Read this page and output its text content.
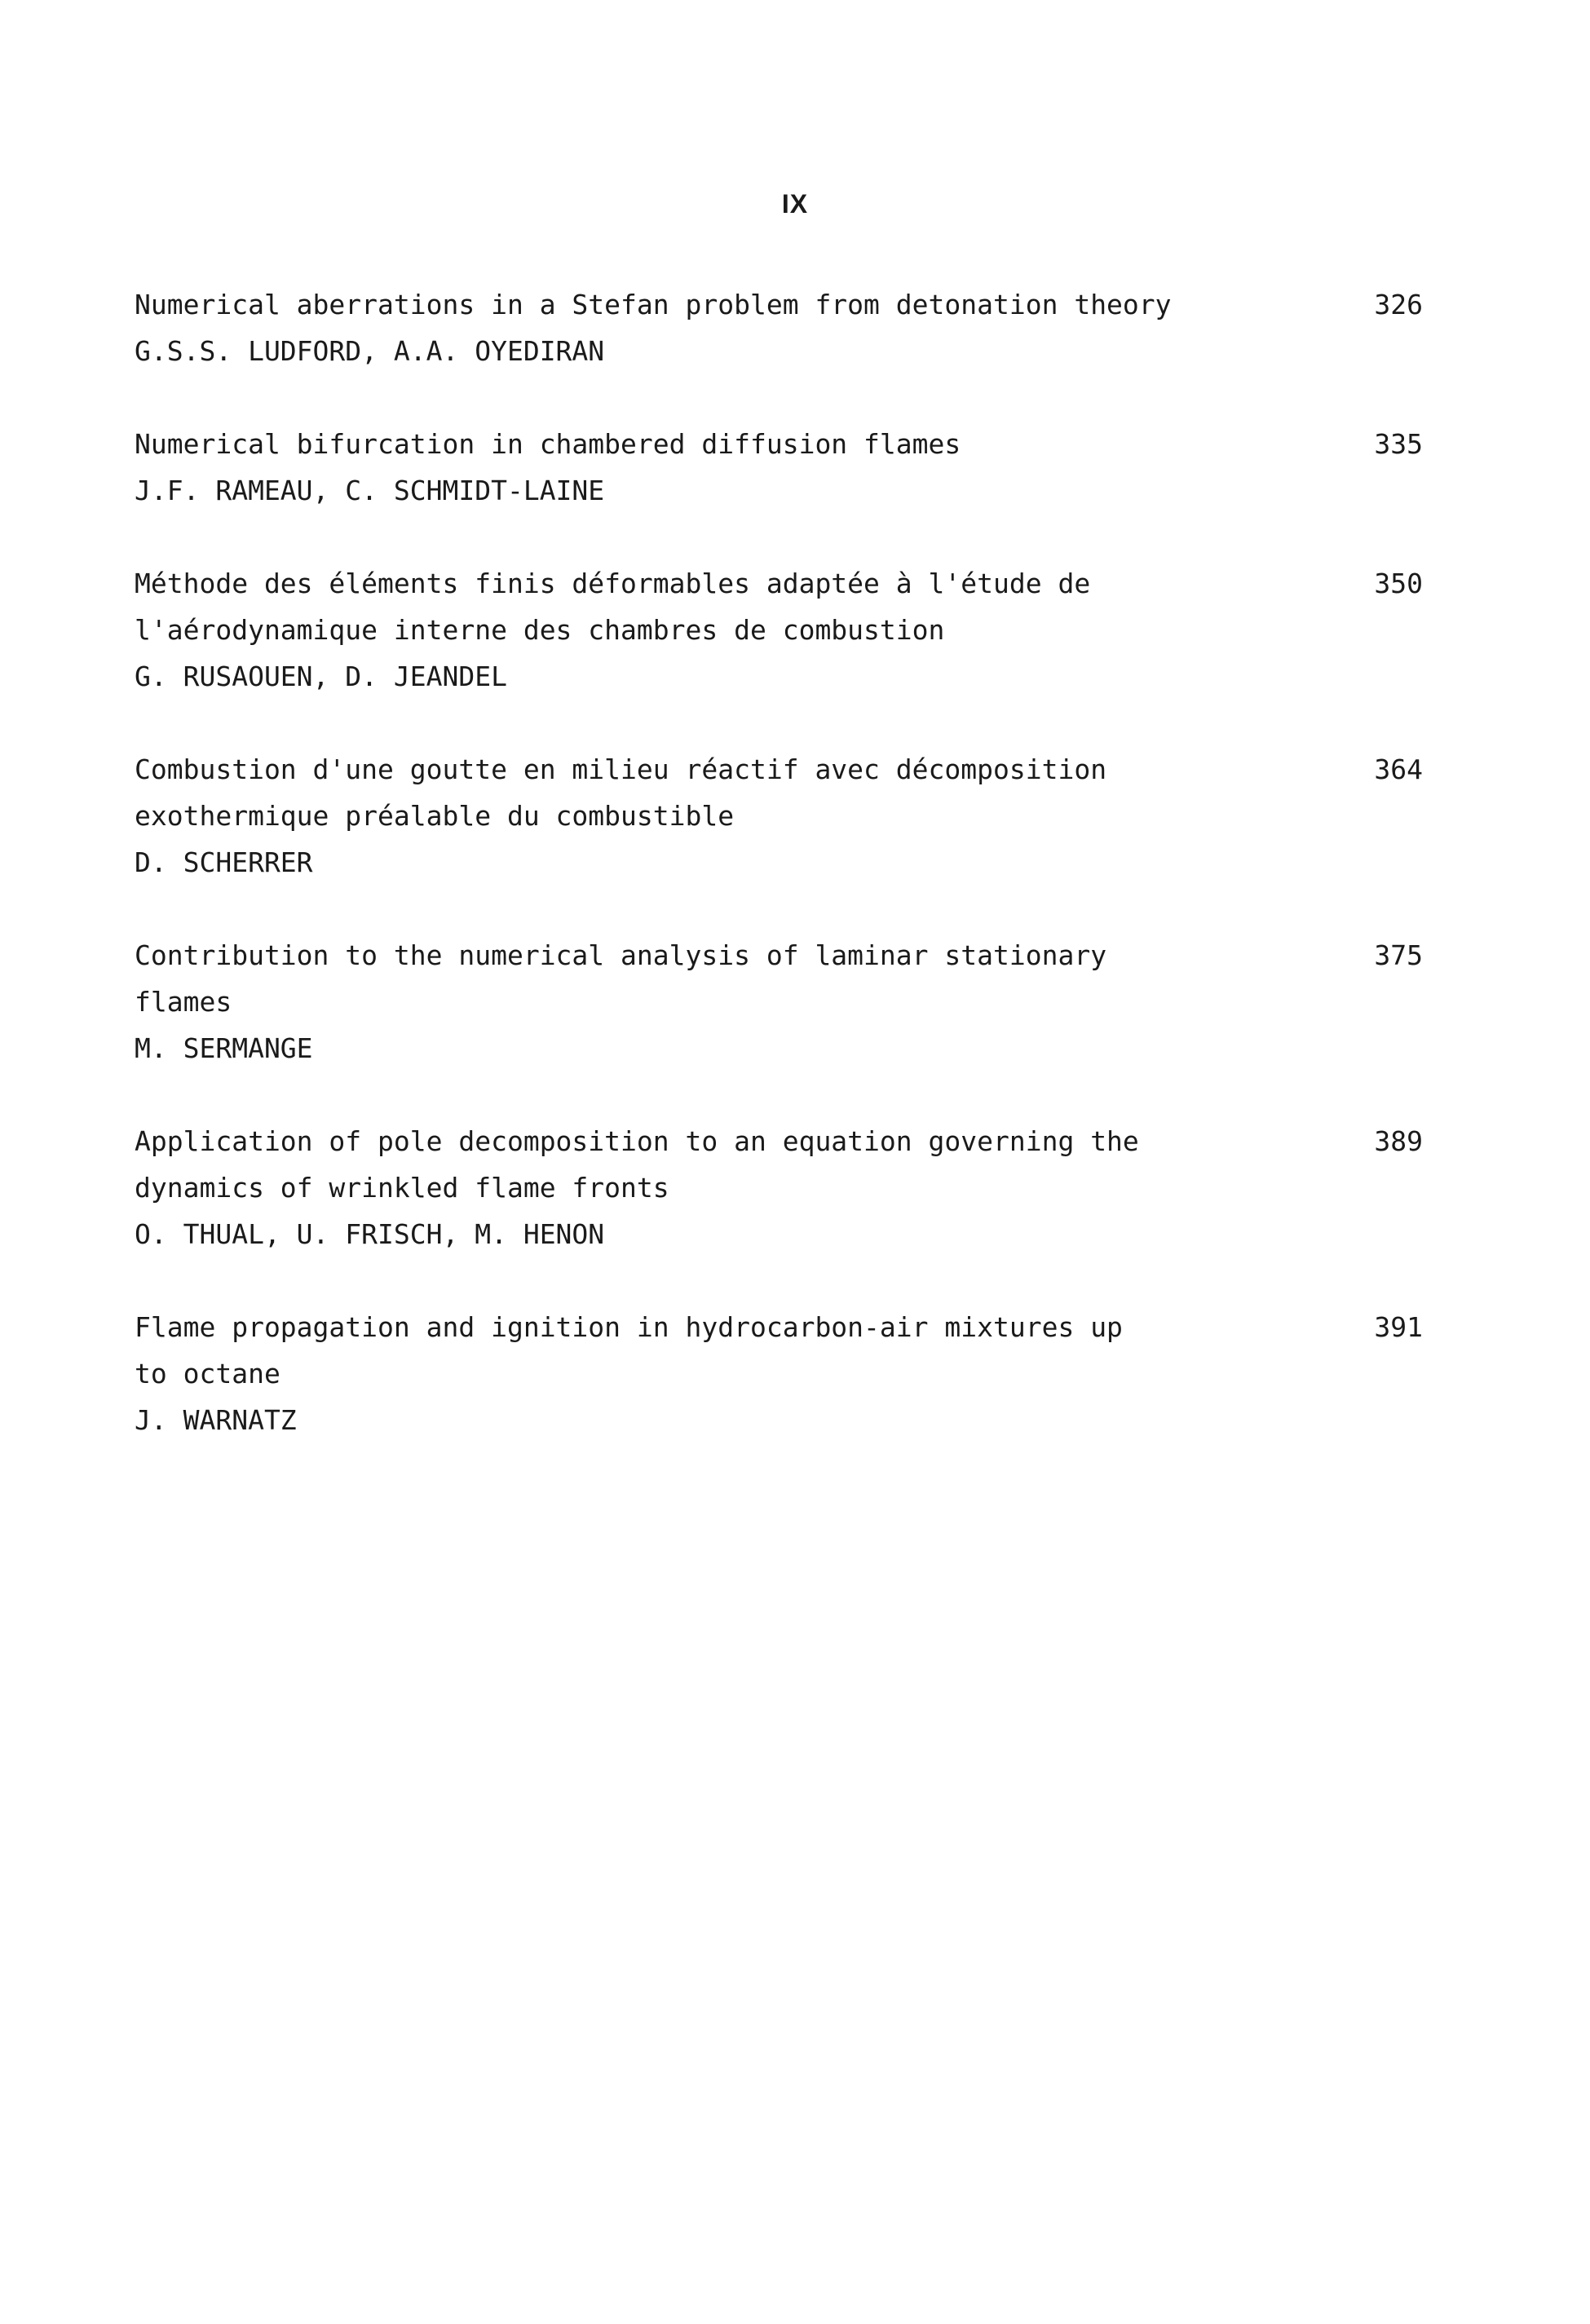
IX
Numerical aberrations in a Stefan problem from detonation theory
G.S.S. LUDFORD, A.A. OYEDIRAN
326
Numerical bifurcation in chambered diffusion flames
J.F. RAMEAU, C. SCHMIDT-LAINE
335
Méthode des éléments finis déformables adaptée à l'étude de
l'aérodynamique interne des chambres de combustion
G. RUSAOUEN, D. JEANDEL
350
Combustion d'une goutte en milieu réactif avec décomposition
exothermique préalable du combustible
D. SCHERRER
364
Contribution to the numerical analysis of laminar stationary
flames
M. SERMANGE
375
Application of pole decomposition to an equation governing the
dynamics of wrinkled flame fronts
O. THUAL, U. FRISCH, M. HENON
389
Flame propagation and ignition in hydrocarbon-air mixtures up
to octane
J. WARNATZ
391
